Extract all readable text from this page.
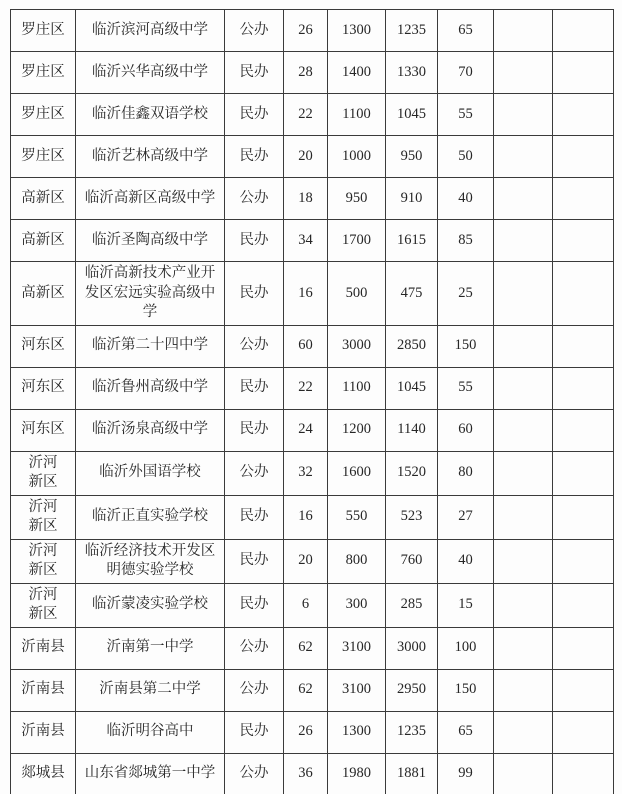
罗庄区	临沂滨河高级中学	公办	26	1300	1235	65		
罗庄区	临沂兴华高级中学	民办	28	1400	1330	70		
罗庄区	临沂佳鑫双语学校	民办	22	1100	1045	55		
罗庄区	临沂艺林高级中学	民办	20	1000	950	50		
高新区	临沂高新区高级中学	公办	18	950	910	40		
高新区	临沂圣陶高级中学	民办	34	1700	1615	85		
高新区	临沂高新技术产业开发区宏远实验高级中学	民办	16	500	475	25		
河东区	临沂第二十四中学	公办	60	3000	2850	150		
河东区	临沂鲁州高级中学	民办	22	1100	1045	55		
河东区	临沂汤泉高级中学	民办	24	1200	1140	60		
沂河新区	临沂外国语学校	公办	32	1600	1520	80		
沂河新区	临沂正直实验学校	民办	16	550	523	27		
沂河新区	临沂经济技术开发区明德实验学校	民办	20	800	760	40		
沂河新区	临沂蒙凌实验学校	民办	6	300	285	15		
沂南县	沂南第一中学	公办	62	3100	3000	100		
沂南县	沂南县第二中学	公办	62	3100	2950	150		
沂南县	临沂明谷高中	民办	26	1300	1235	65		
郯城县	山东省郯城第一中学	公办	36	1980	1881	99		
